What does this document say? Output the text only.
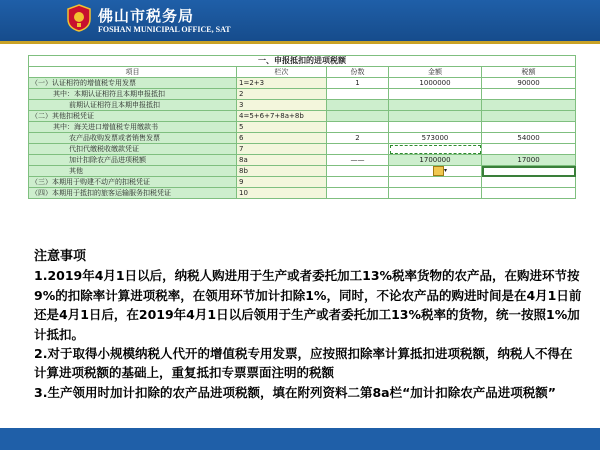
佛山市税务局
FOSHAN MUNICIPAL OFFICE, SAT
一、申报抵扣的进项税额				
项目	栏次	份数	金额	税额
（一）认证相符的增值税专用发票	1=2+3	1	1000000	90000
其中：本期认证相符且本期申报抵扣	2			
前期认证相符且本期申报抵扣	3			
（二）其他扣税凭证	4=5+6+7+8a+8b			
其中：海关进口增值税专用缴款书	5			
农产品收购发票或者销售发票	6	2	573000	54000
代扣代缴税收缴款凭证	7			
加计扣除农产品进项税额	8a	——	1700000	17000
其他	8b		▾	
（三）本期用于购建不动产的扣税凭证	9			
（四）本期用于抵扣的旅客运输服务扣税凭证	10			

注意事项

1.2019年4月1日以后，纳税人购进用于生产或者委托加工13%税率货物的农产品，在购进环节按9%的扣除率计算进项税率，在领用环节加计扣除1%，同时，不论农产品的购进时间是在4月1日前还是4月1日后，在2019年4月1日以后领用于生产或者委托加工13%税率的货物，统一按照1%加计抵扣。

2.对于取得小规模纳税人代开的增值税专用发票，应按照扣除率计算抵扣进项税额，纳税人不得在计算进项税额的基础上，重复抵扣专票票面注明的税额

3.生产领用时加计扣除的农产品进项税额，填在附列资料二第8a栏“加计扣除农产品进项税额”
